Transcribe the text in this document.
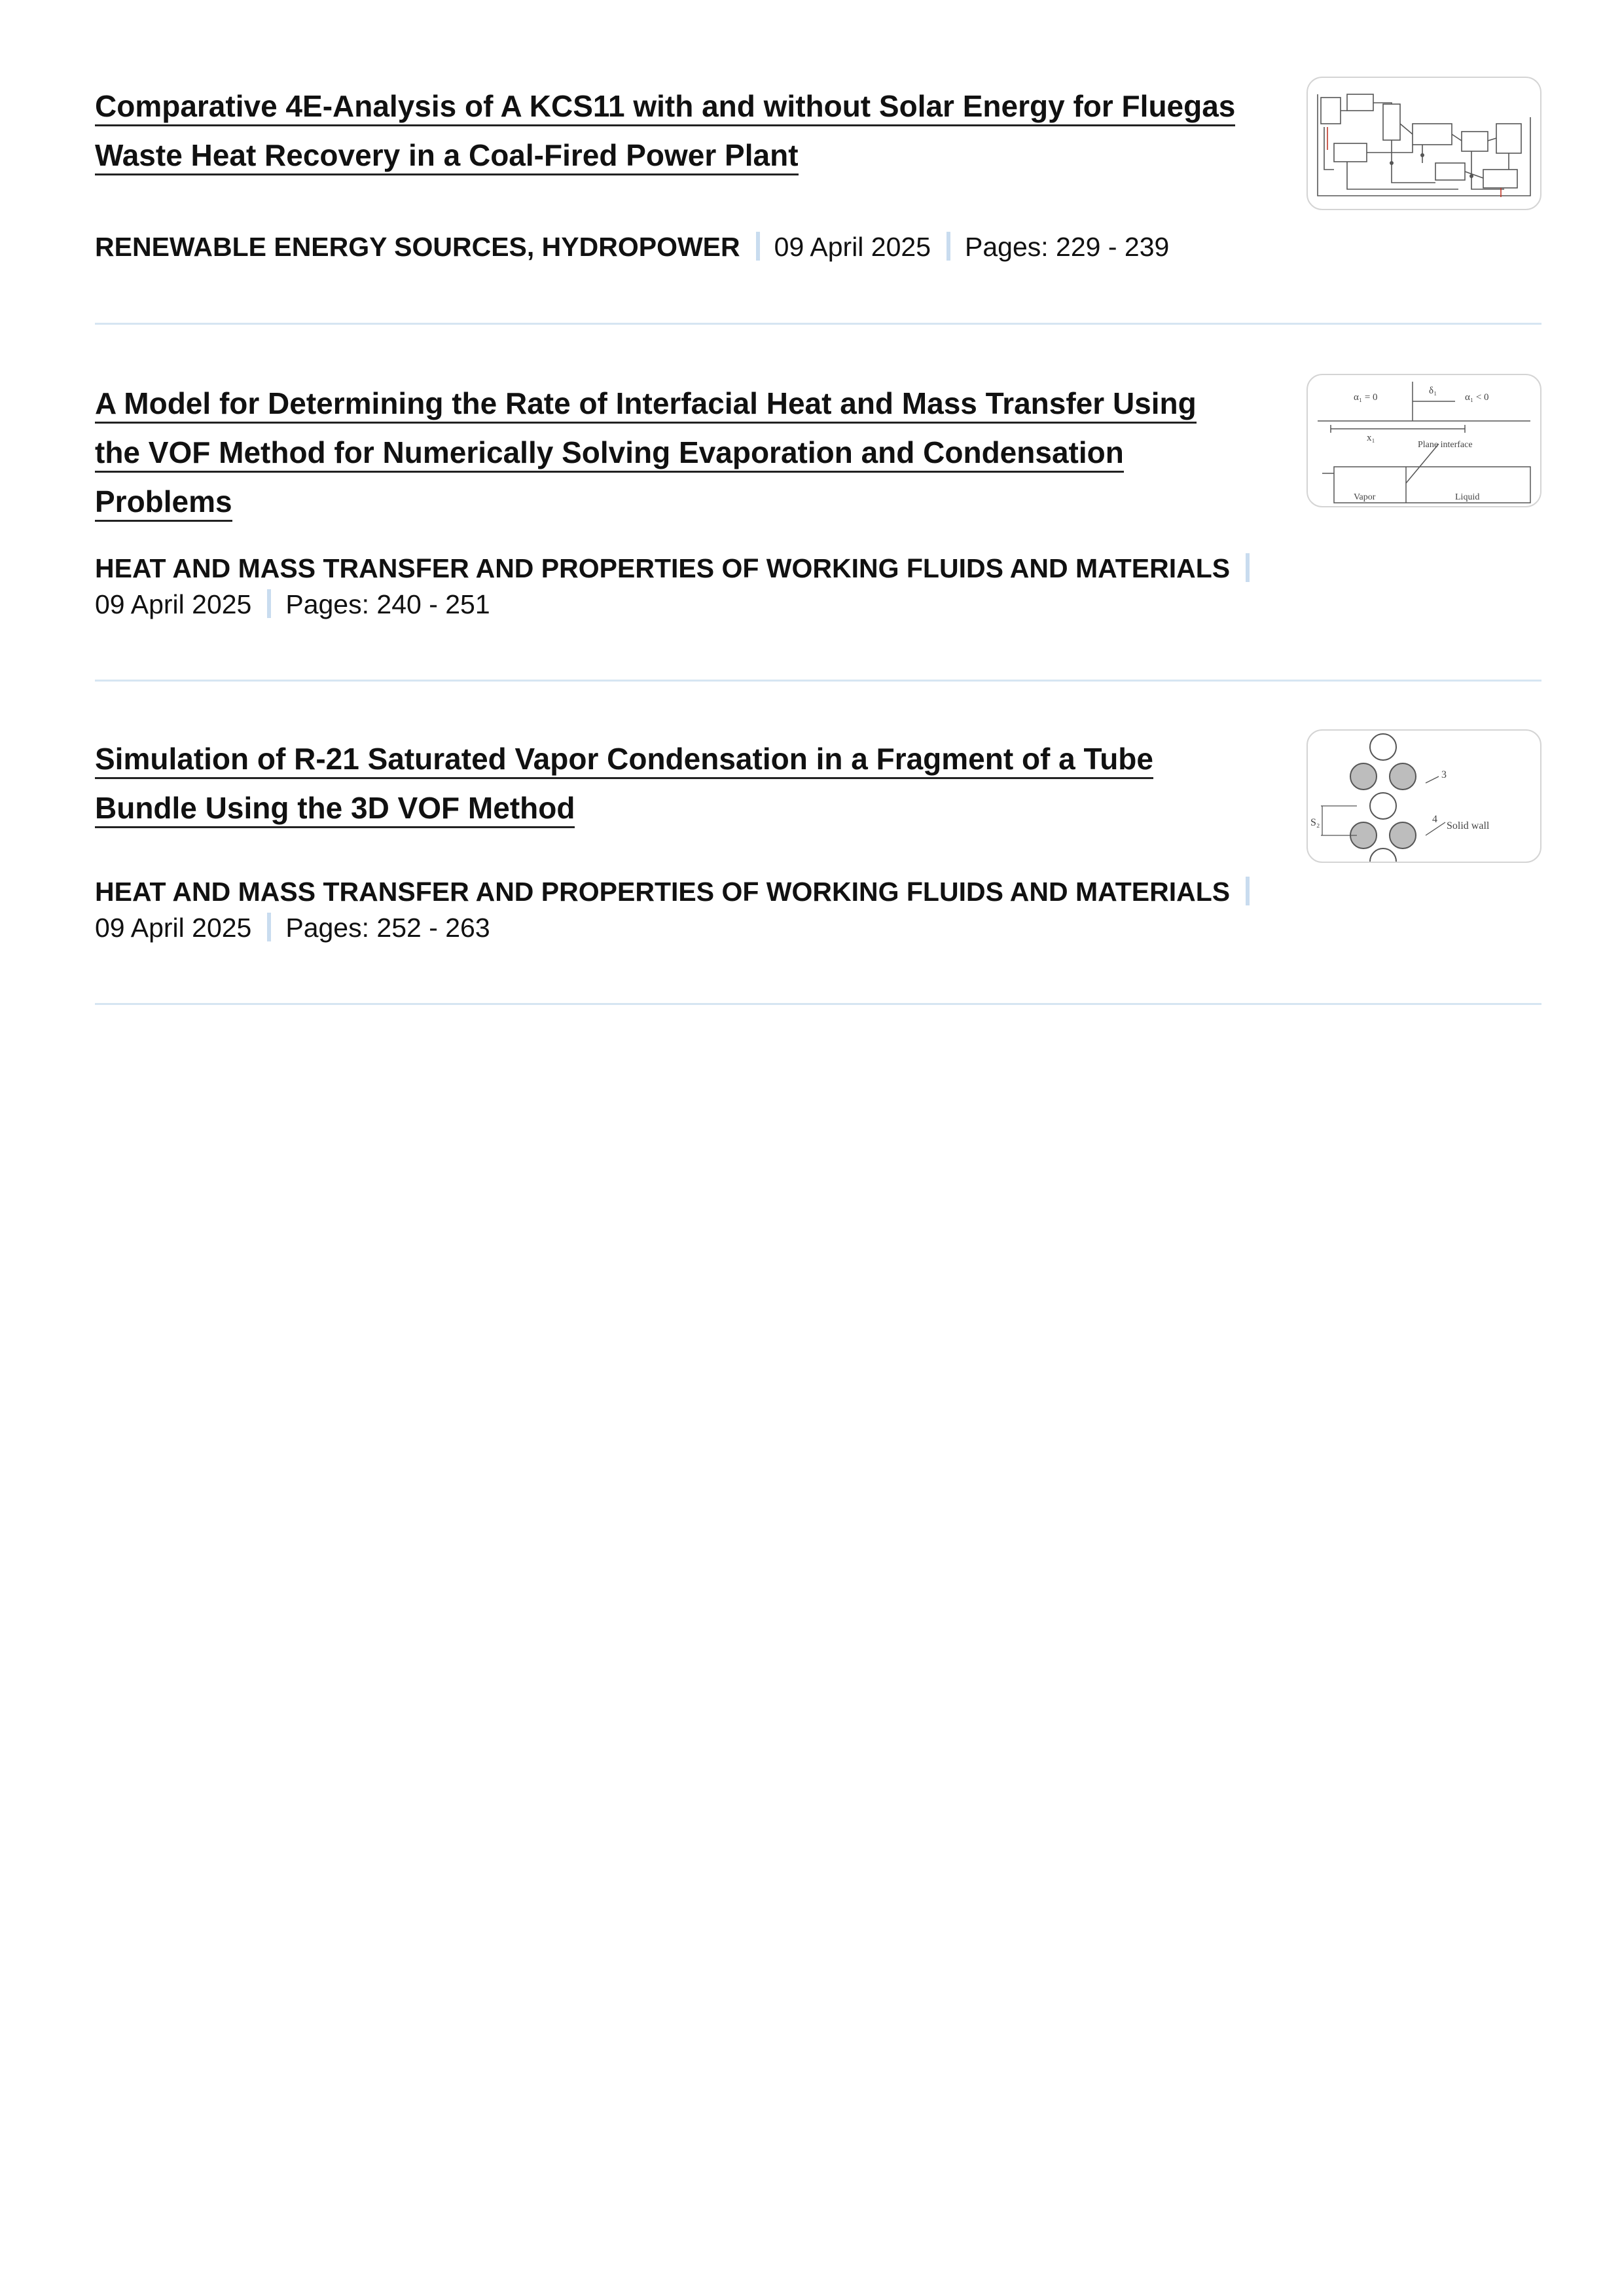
Comparative 4E-Analysis of A KCS11 with and without Solar Energy for Fluegas Waste Heat Recovery in a Coal-Fired Power Plant
RENEWABLE ENERGY SOURCES, HYDROPOWER 09 April 2025 Pages: 229 - 239
A Model for Determining the Rate of Interfacial Heat and Mass Transfer Using the VOF Method for Numerically Solving Evaporation and Condensation Problems
α₁ = 0	α₁ < 0
x₁
δ₁
Plane interface
Vapor	Liquid
HEAT AND MASS TRANSFER AND PROPERTIES OF WORKING FLUIDS AND MATERIALS
09 April 2025 Pages: 240 - 251
Simulation of R-21 Saturated Vapor Condensation in a Fragment of a Tube Bundle Using the 3D VOF Method	S₂
3
4
Solid wall
HEAT AND MASS TRANSFER AND PROPERTIES OF WORKING FLUIDS AND MATERIALS
09 April 2025 Pages: 252 - 263
